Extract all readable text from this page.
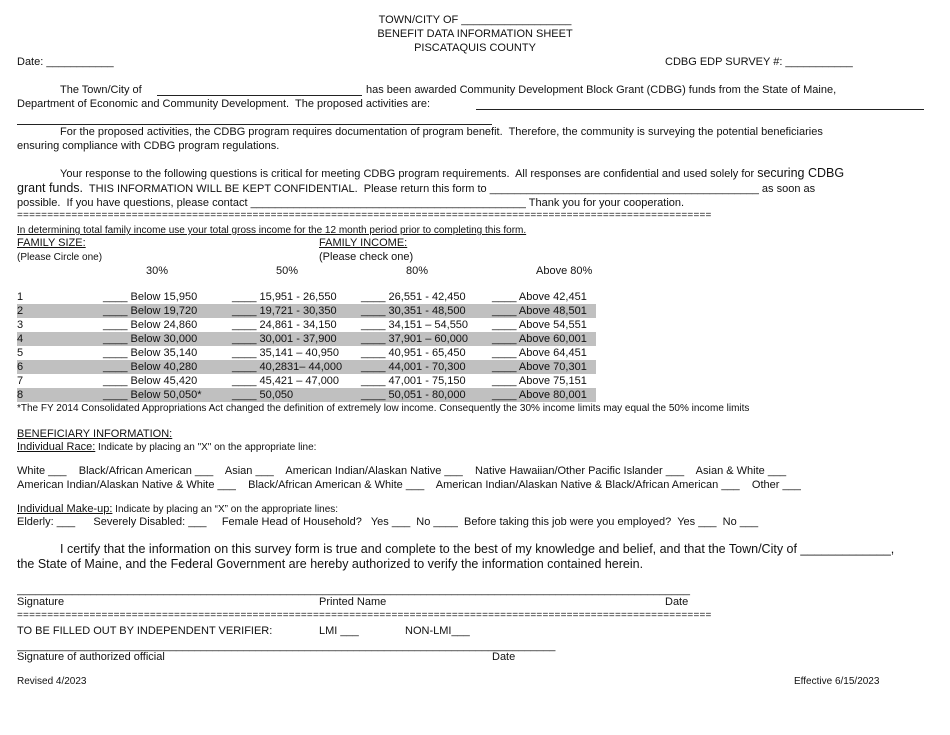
TOWN/CITY OF __________________
BENEFIT DATA INFORMATION SHEET
PISCATAQUIS COUNTY
Date: ___________	CDBG EDP SURVEY #: ___________
The Town/City of	has been awarded Community Development Block Grant (CDBG) funds from the State of Maine,
Department of Economic and Community Development.  The proposed activities are:
For the proposed activities, the CDBG program requires documentation of program benefit.  Therefore, the community is surveying the potential beneficiaries
ensuring compliance with CDBG program regulations.
Your response to the following questions is critical for meeting CDBG program requirements.  All responses are confidential and used solely for securing CDBG
grant funds.  THIS INFORMATION WILL BE KEPT CONFIDENTIAL.  Please return this form to ____________________________________________ as soon as
possible.  If you have questions, please contact _____________________________________________ Thank you for your cooperation.
===================================================================================================================
In determining total family income use your total gross income for the 12 month period prior to completing this form.
FAMILY SIZE:
(Please Circle one)
FAMILY INCOME:
(Please check one)
30%	50%	80%	Above 80%
1	____ Below 15,950	____ 15,951 - 26,550 ____ 26,551 - 42,450 ____ Above 42,451
2	____ Below 19,720	____ 19,721 - 30,350 ____ 30,351 - 48,500 ____ Above 48,501
3	____ Below 24,860	____ 24,861 - 34,150 ____ 34,151 – 54,550 ____ Above 54,551
4	____ Below 30,000	____ 30,001 - 37,900 ____ 37,901 – 60,000 ____ Above 60,001
5	____ Below 35,140	____ 35,141 – 40,950 ____ 40,951 - 65,450 ____ Above 64,451
6	____ Below 40,280	____ 40,2831– 44,000 ____ 44,001 - 70,300 ____ Above 70,301
7	____ Below 45,420	____ 45,421 – 47,000 ____ 47,001 - 75,150 ____ Above 75,151
8	____ Below 50,050*	____ 50,050	____ 50,051 - 80,000 ____ Above 80,001
*The FY 2014 Consolidated Appropriations Act changed the definition of extremely low income. Consequently the 30% income limits may equal the 50% income limits
BENEFICIARY INFORMATION:
Individual Race: Indicate by placing an "X" on the appropriate line:
White ___    Black/African American ___    Asian ___    American Indian/Alaskan Native ___    Native Hawaiian/Other Pacific Islander ___    Asian & White ___
American Indian/Alaskan Native & White ___    Black/African American & White ___    American Indian/Alaskan Native & Black/African American ___    Other ___
Individual Make-up: Indicate by placing an “X” on the appropriate lines:
Elderly: ___      Severely Disabled: ___     Female Head of Household?   Yes ___  No ____  Before taking this job were you employed?  Yes ___  No ___
I certify that the information on this survey form is true and complete to the best of my knowledge and belief, and that the Town/City of _____________,
the State of Maine, and the Federal Government are hereby authorized to verify the information contained herein.
______________________________________________________________________________________________________________
Signature	Printed Name	Date
===================================================================================================================
TO BE FILLED OUT BY INDEPENDENT VERIFIER:	LMI ___	NON-LMI___
________________________________________________________________________________________
Signature of authorized official	Date
Revised 4/2023	Effective 6/15/2023
